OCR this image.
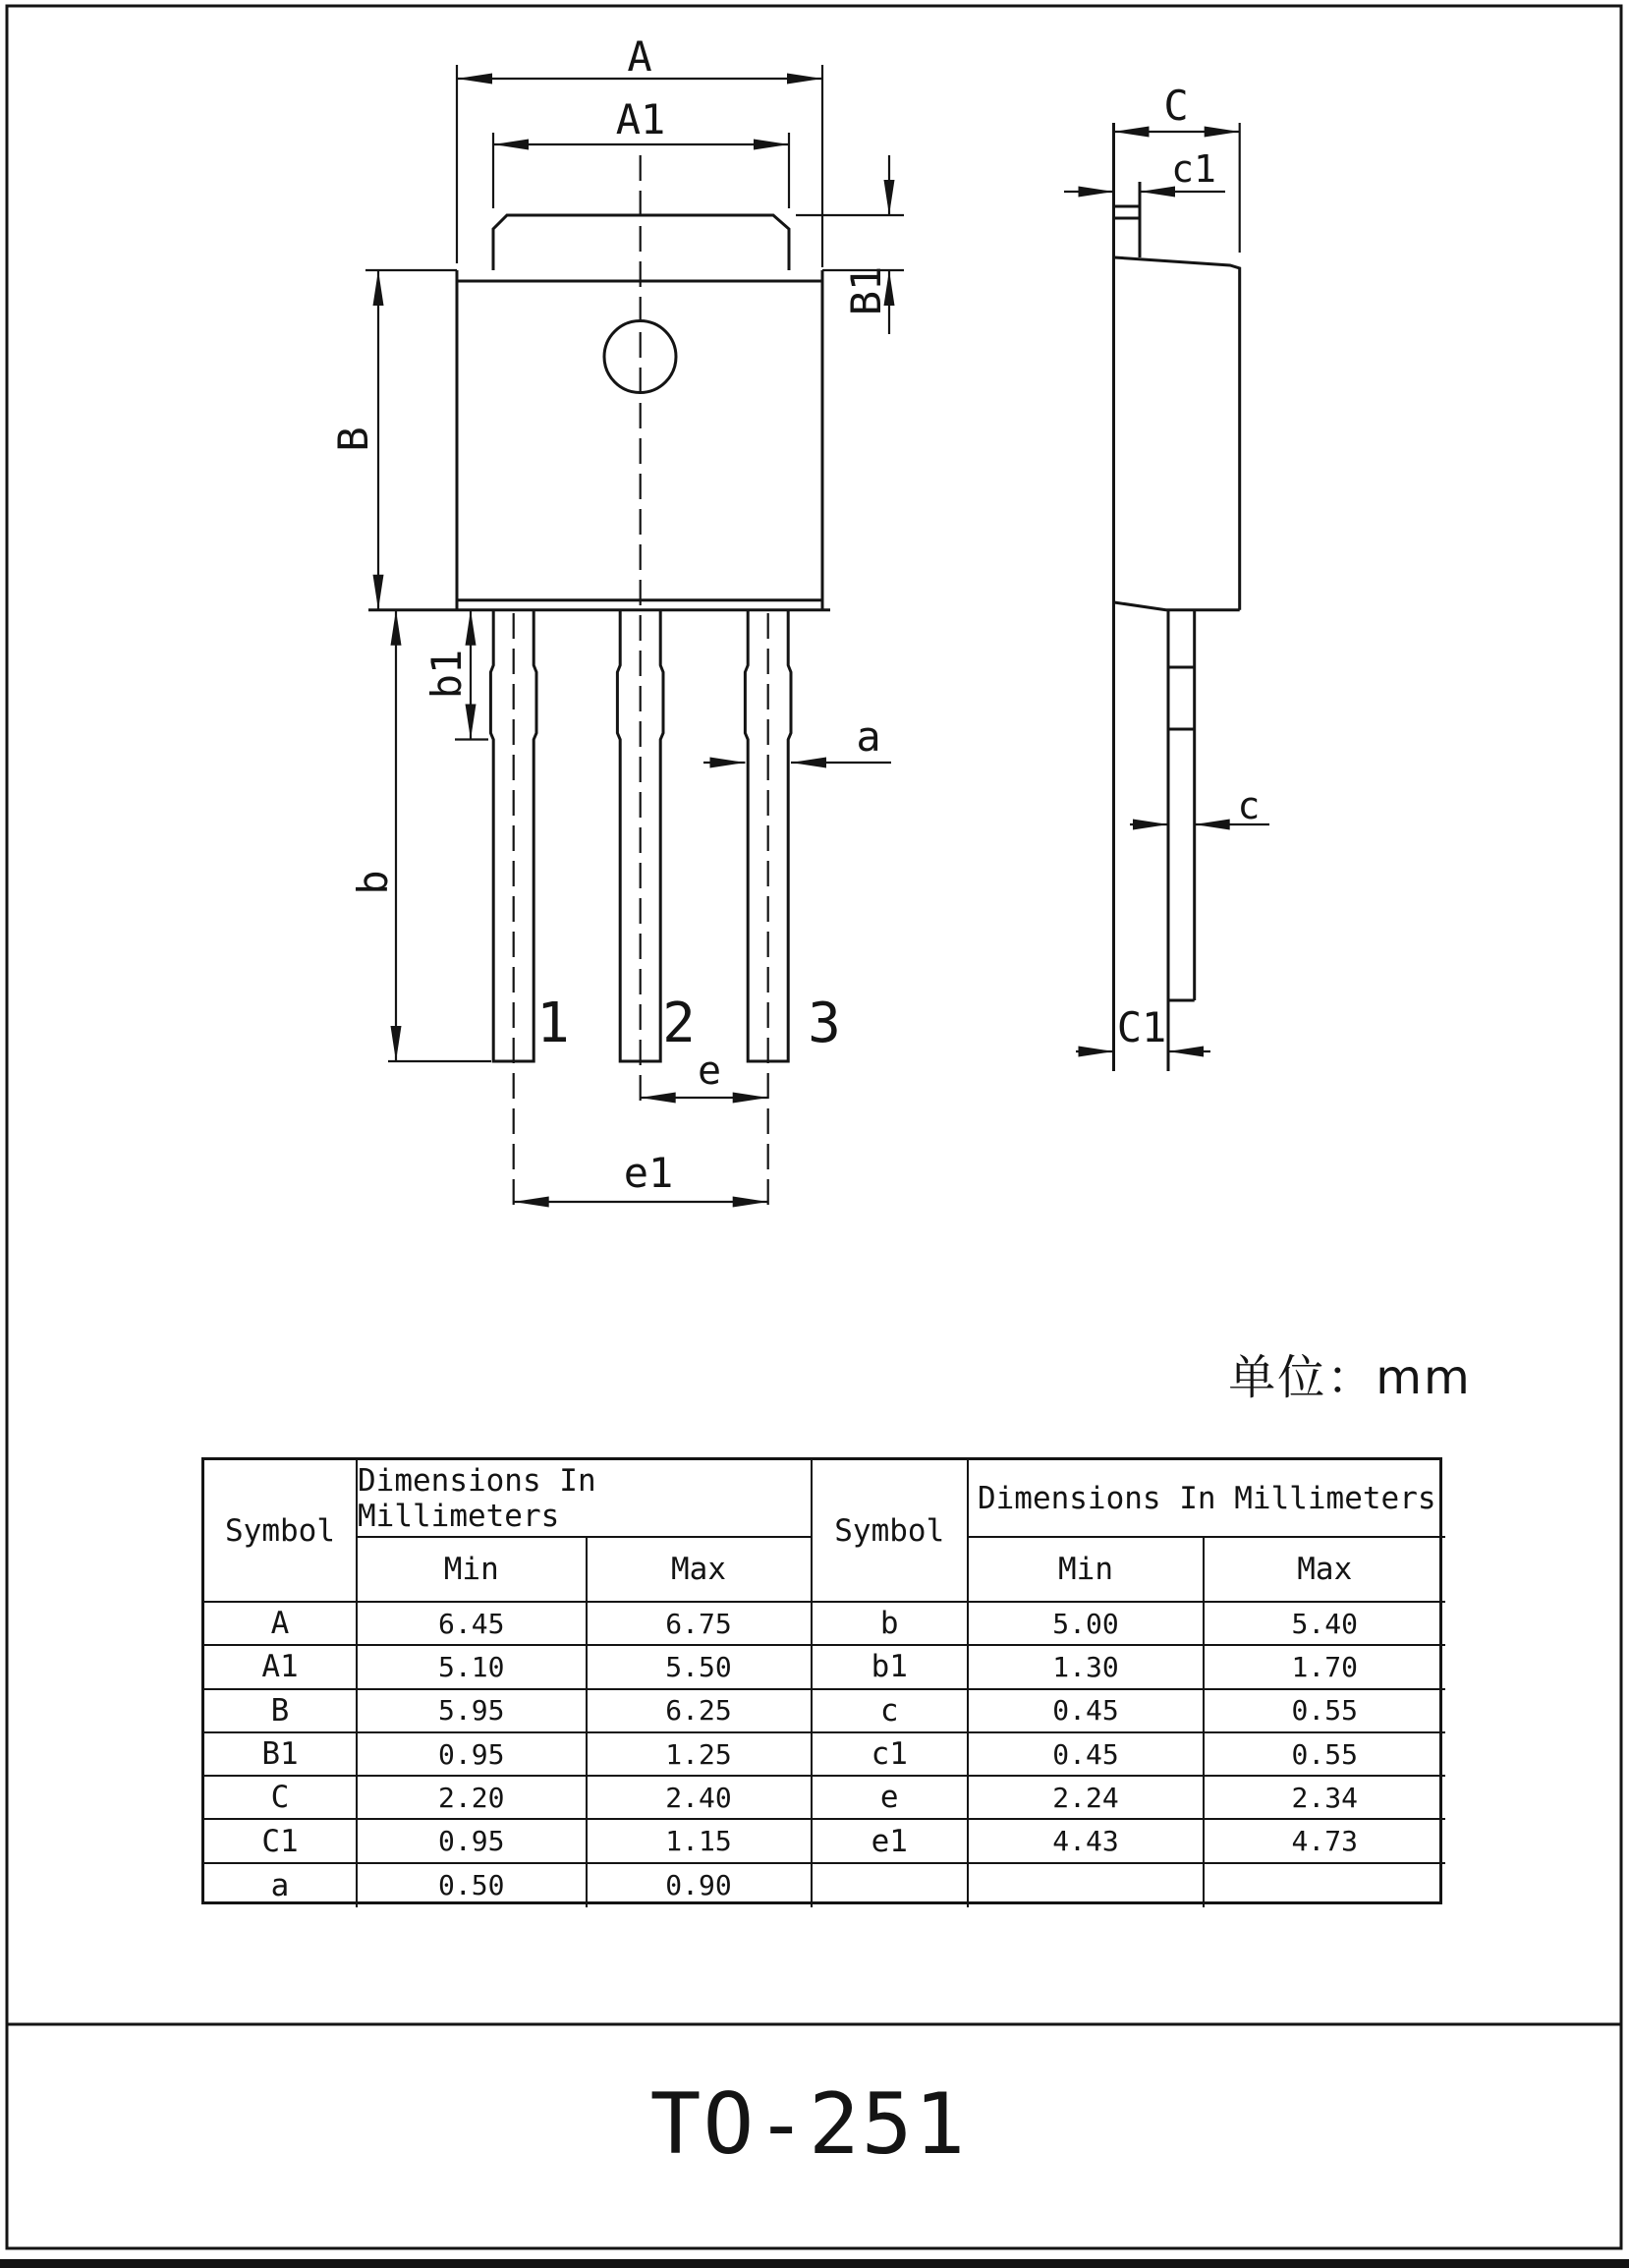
A
A1
B
B1
b
b1
a
e
e1
1 2 3
C
c1
c
C1
单位：mm
Symbol
Dimensions In Millimeters
Min	Max
Symbol
Dimensions In Millimeters
Min	Max
A	6.45	6.75	b	5.00	5.40
A1	5.10	5.50	b1	1.30	1.70
B	5.95	6.25	c	0.45	0.55
B1	0.95	1.25	c1	0.45	0.55
C	2.20	2.40	e	2.24	2.34
C1	0.95	1.15	e1	4.43	4.73
a	0.50	0.90
TO-251
